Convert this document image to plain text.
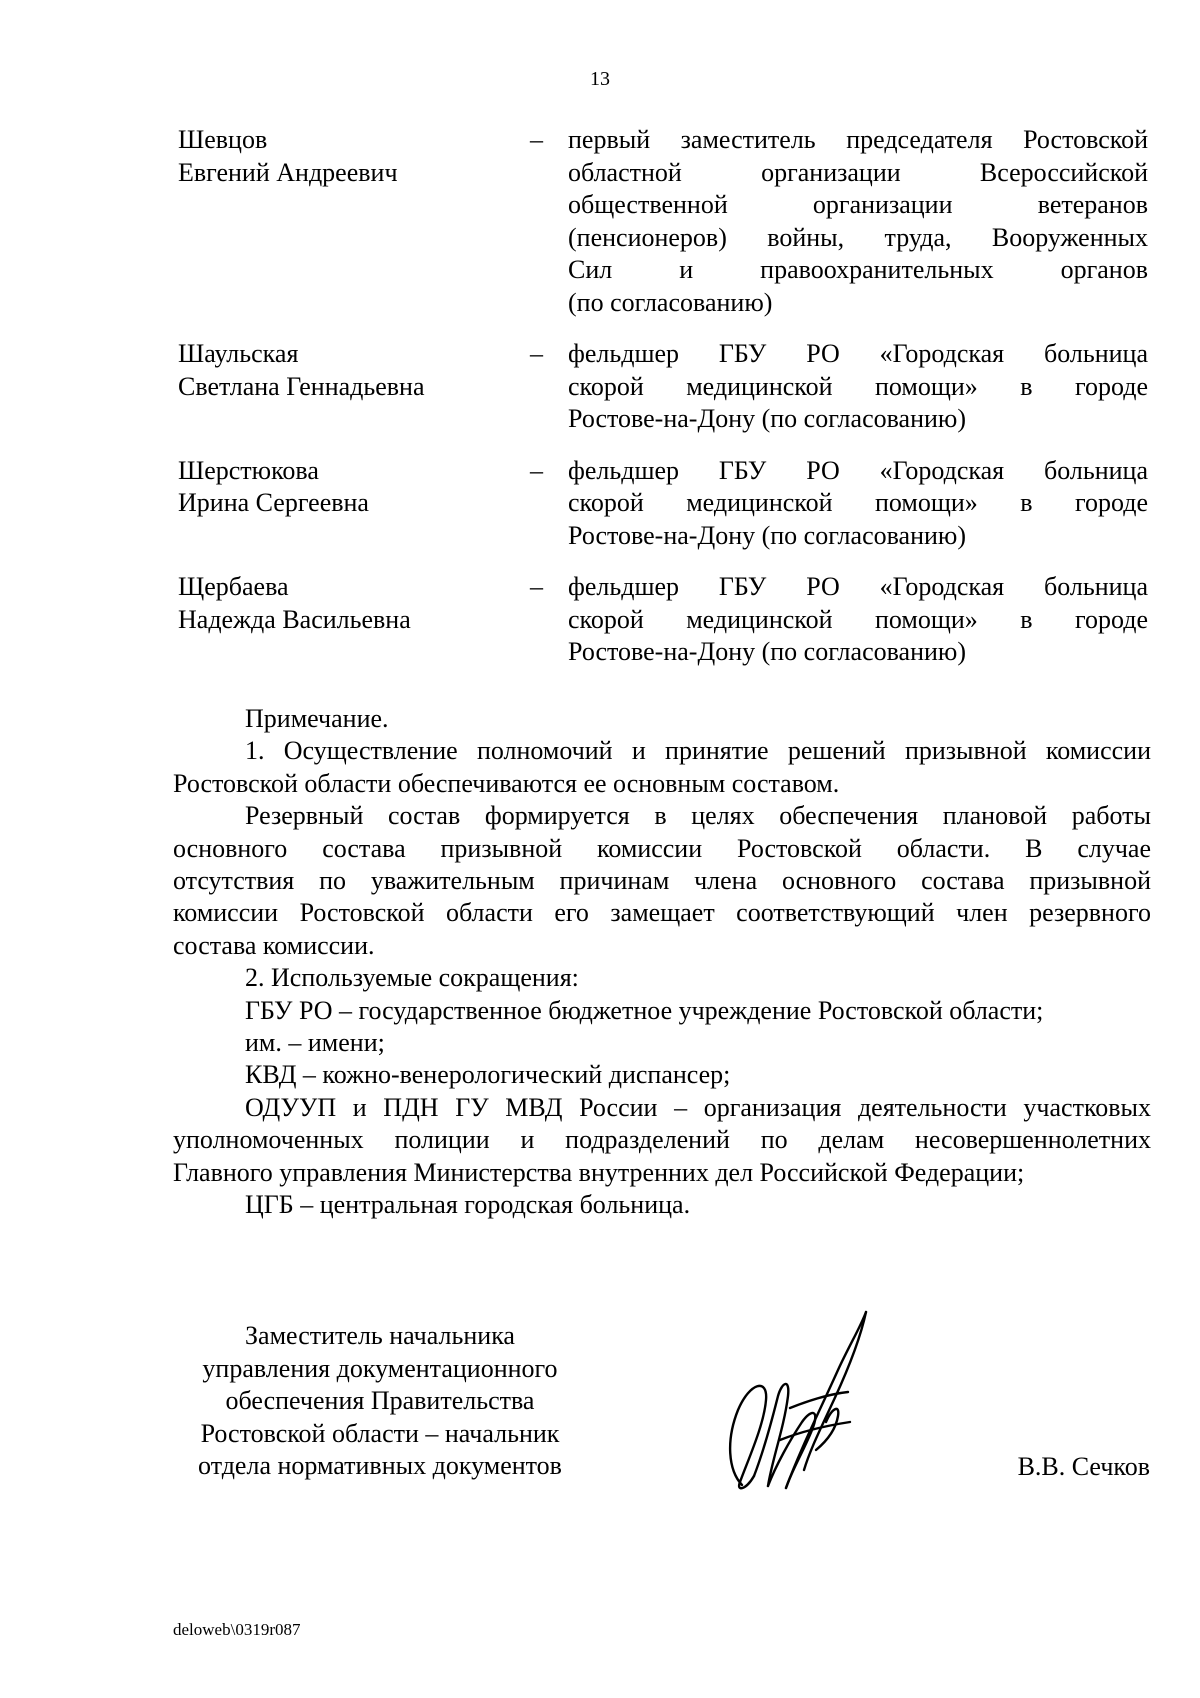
13
Шевцов
Евгений Андреевич
– первый заместитель председателя Ростовской
областной организации Всероссийской
общественной организации ветеранов
(пенсионеров) войны, труда, Вооруженных
Сил и правоохранительных органов
(по согласованию)
Шаульская
Светлана Геннадьевна
– фельдшер ГБУ РО «Городская больница
скорой медицинской помощи» в городе
Ростове-на-Дону (по согласованию)
Шерстюкова
Ирина Сергеевна
– фельдшер ГБУ РО «Городская больница
скорой медицинской помощи» в городе
Ростове-на-Дону (по согласованию)
Щербаева
Надежда Васильевна
– фельдшер ГБУ РО «Городская больница
скорой медицинской помощи» в городе
Ростове-на-Дону (по согласованию)

Примечание.

1. Осуществление полномочий и принятие решений призывной комиссии

Ростовской области обеспечиваются ее основным составом.

Резервный состав формируется в целях обеспечения плановой работы

основного состава призывной комиссии Ростовской области. В случае

отсутствия по уважительным причинам члена основного состава призывной

комиссии Ростовской области его замещает соответствующий член резервного

состава комиссии.

2. Используемые сокращения:

ГБУ РО – государственное бюджетное учреждение Ростовской области;

им. – имени;

КВД – кожно-венерологический диспансер;

ОДУУП и ПДН ГУ МВД России – организация деятельности участковых

уполномоченных полиции и подразделений по делам несовершеннолетних

Главного управления Министерства внутренних дел Российской Федерации;

ЦГБ – центральная городская больница.

Заместитель начальника
управления документационного
обеспечения Правительства
Ростовской области – начальник
отдела нормативных документов	В.В. Сечков
deloweb\0319r087
